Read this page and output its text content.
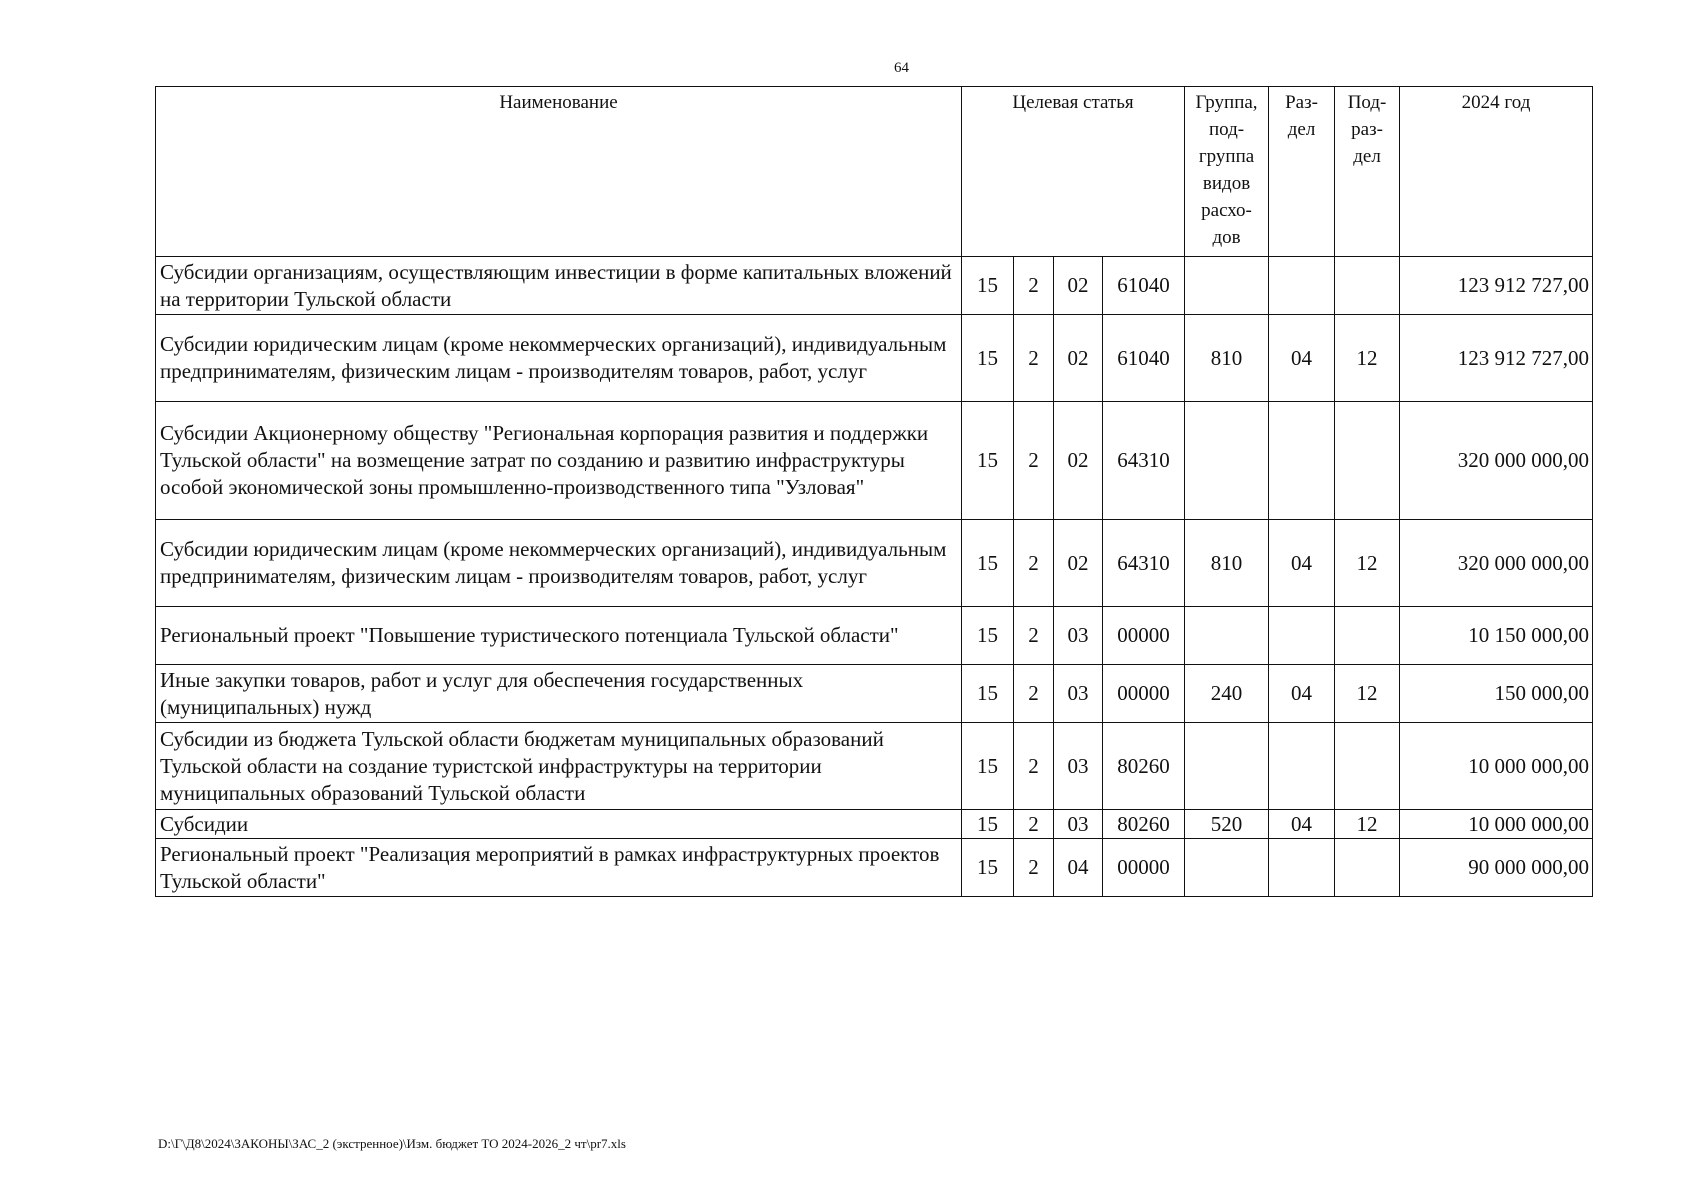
64
Наименование	Целевая статья				Группа, под-группа видов расхо-дов	Раз-дел	Под-раз-дел	2024 год
Субсидии организациям, осуществляющим инвестиции в форме капитальных вложений на территории Тульской области	15	2	02	61040				123 912 727,00
Субсидии юридическим лицам (кроме некоммерческих организаций), индивидуальным предпринимателям, физическим лицам - производителям товаров, работ, услуг	15	2	02	61040	810	04	12	123 912 727,00
Субсидии Акционерному обществу "Региональная корпорация развития и поддержки Тульской области" на возмещение затрат по созданию и развитию инфраструктуры особой экономической зоны промышленно-производственного типа "Узловая"	15	2	02	64310				320 000 000,00
Субсидии юридическим лицам (кроме некоммерческих организаций), индивидуальным предпринимателям, физическим лицам - производителям товаров, работ, услуг	15	2	02	64310	810	04	12	320 000 000,00
Региональный проект "Повышение туристического потенциала Тульской области"	15	2	03	00000				10 150 000,00
Иные закупки товаров, работ и услуг для обеспечения государственных (муниципальных) нужд	15	2	03	00000	240	04	12	150 000,00
Субсидии из бюджета Тульской области бюджетам муниципальных образований Тульской области на создание туристской инфраструктуры на территории муниципальных образований Тульской области	15	2	03	80260				10 000 000,00
Субсидии	15	2	03	80260	520	04	12	10 000 000,00
Региональный проект "Реализация мероприятий в рамках инфраструктурных проектов Тульской области"	15	2	04	00000				90 000 000,00
D:\Г\Д8\2024\ЗАКОНЫ\ЗАС_2 (экстренное)\Изм. бюджет ТО 2024-2026_2 чт\pr7.xls
